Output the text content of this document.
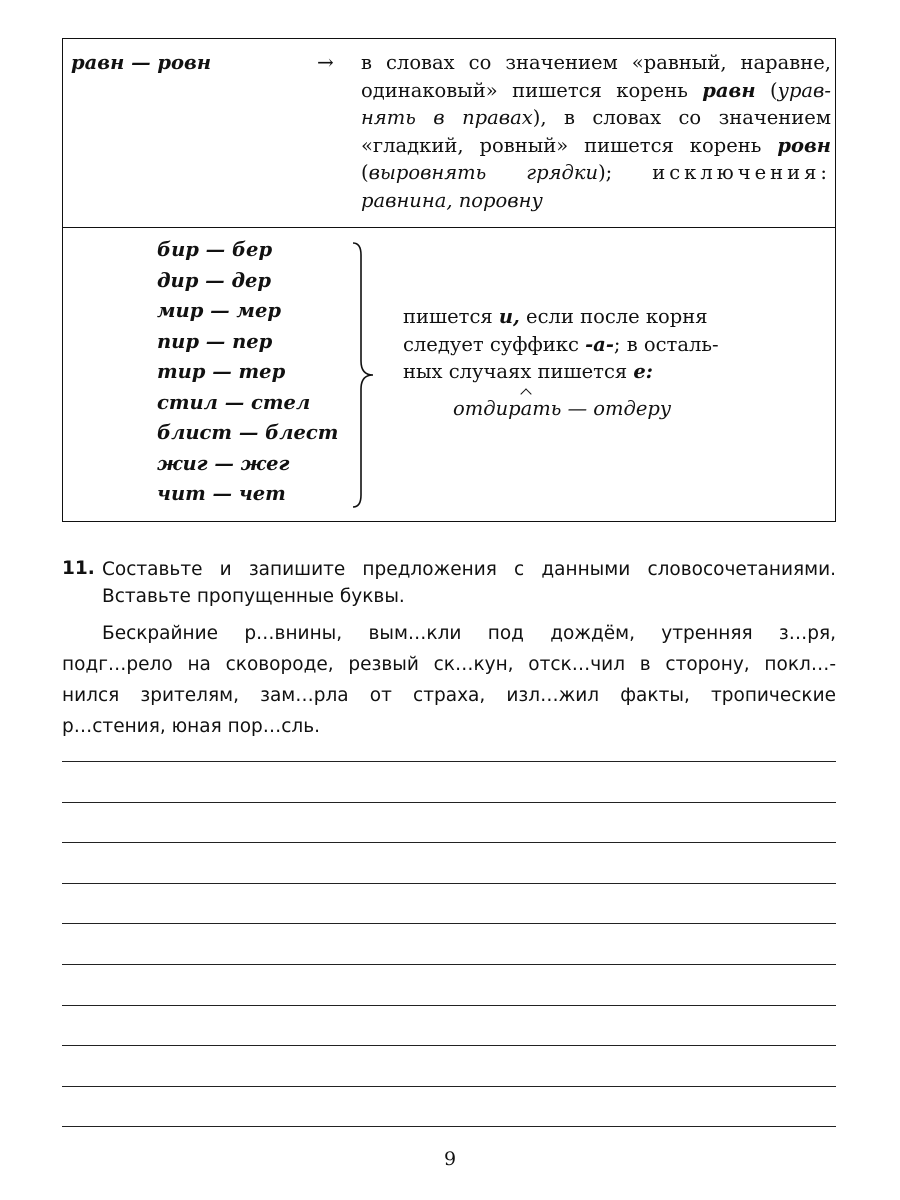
равн — ровн	→ в словах со значением «равный, наравне,
одинаковый» пишется корень равн (урав-
нять в правах), в словах со значением
«гладкий, ровный» пишется корень ровн
(выровнять грядки); исключения:
равнина, поровну
бир — бер
дир — дер
мир — мер
пир — пер
тир — тер
стил — стел
блист — блест
жиг — жег
чит — чет
пишется и, если после корня
следует суффикс -а-; в осталь-
ных случаях пишется е:
отдирать — отдеру
11. Составьте и запишите предложения с данными словосочетаниями.
Вставьте пропущенные буквы.
Бескрайние р…внины, вым…кли под дождём, утренняя з…ря,
подг…рело на сковороде, резвый ск…кун, отск…чил в сторону, покл…-
нился зрителям, зам…рла от страха, изл…жил факты, тропические
р…стения, юная пор…сль.
9
